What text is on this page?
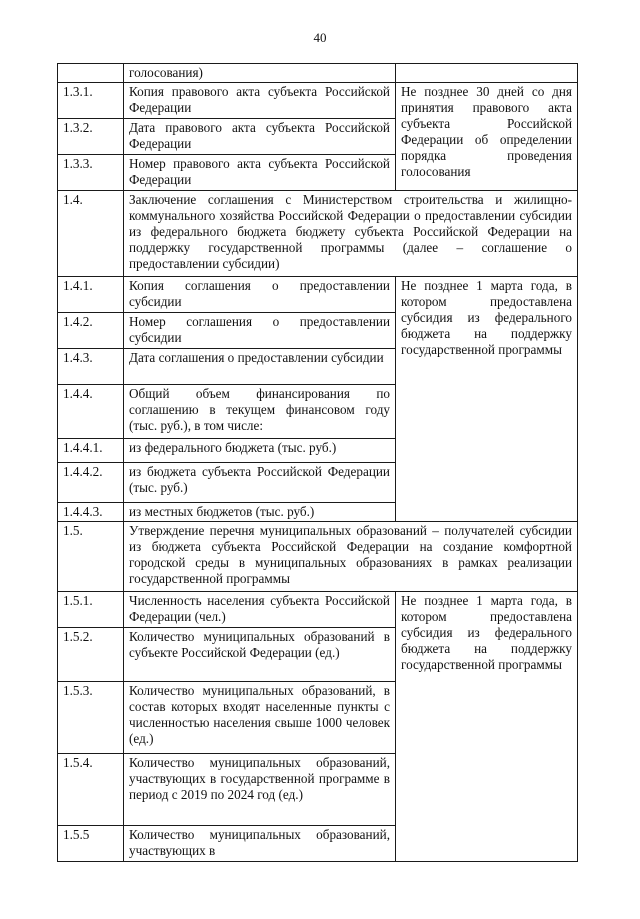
40
	голосования)	
1.3.1.	Копия правового акта субъекта Российской Федерации	Не позднее 30 дней со дня принятия правового акта субъекта Российской Федерации об определении порядка проведения голосования
1.3.2.	Дата правового акта субъекта Российской Федерации	
1.3.3.	Номер правового акта субъекта Российской Федерации	
1.4.	Заключение соглашения с Министерством строительства и жилищно-коммунального хозяйства Российской Федерации о предоставлении субсидии из федерального бюджета бюджету субъекта Российской Федерации на поддержку государственной программы (далее – соглашение о предоставлении субсидии)	
1.4.1.	Копия соглашения о предоставлении субсидии	Не позднее 1 марта года, в котором предоставлена субсидия из федерального бюджета на поддержку государственной программы
1.4.2.	Номер соглашения о предоставлении субсидии	
1.4.3.	Дата соглашения о предоставлении субсидии	
1.4.4.	Общий объем финансирования по соглашению в текущем финансовом году (тыс. руб.), в том числе:	
1.4.4.1.	из федерального бюджета (тыс. руб.)	
1.4.4.2.	из бюджета субъекта Российской Федерации (тыс. руб.)	
1.4.4.3.	из местных бюджетов (тыс. руб.)	
1.5.	Утверждение перечня муниципальных образований – получателей субсидии из бюджета субъекта Российской Федерации на создание комфортной городской среды в муниципальных образованиях в рамках реализации государственной программы	
1.5.1.	Численность населения субъекта Российской Федерации (чел.)	Не позднее 1 марта года, в котором предоставлена субсидия из федерального бюджета на поддержку государственной программы
1.5.2.	Количество муниципальных образований в субъекте Российской Федерации (ед.)	
1.5.3.	Количество муниципальных образований, в состав которых входят населенные пункты с численностью населения свыше 1000 человек (ед.)	
1.5.4.	Количество муниципальных образований, участвующих в государственной программе в период с 2019 по 2024 год (ед.)	
1.5.5	Количество муниципальных образований, участвующих в	
